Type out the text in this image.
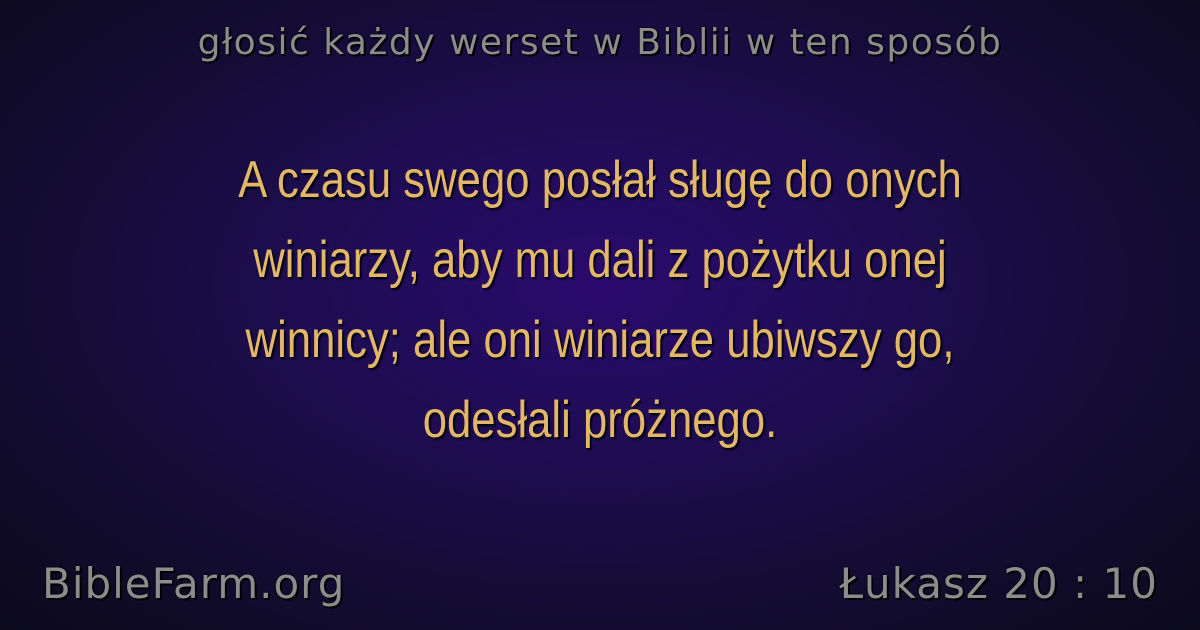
głosić każdy werset w Biblii w ten sposób
A czasu swego posłał sługę do onych winiarzy, aby mu dali z pożytku onej winnicy; ale oni winiarze ubiwszy go, odesłali próżnego.
BibleFarm.org	Łukasz 20 : 10
